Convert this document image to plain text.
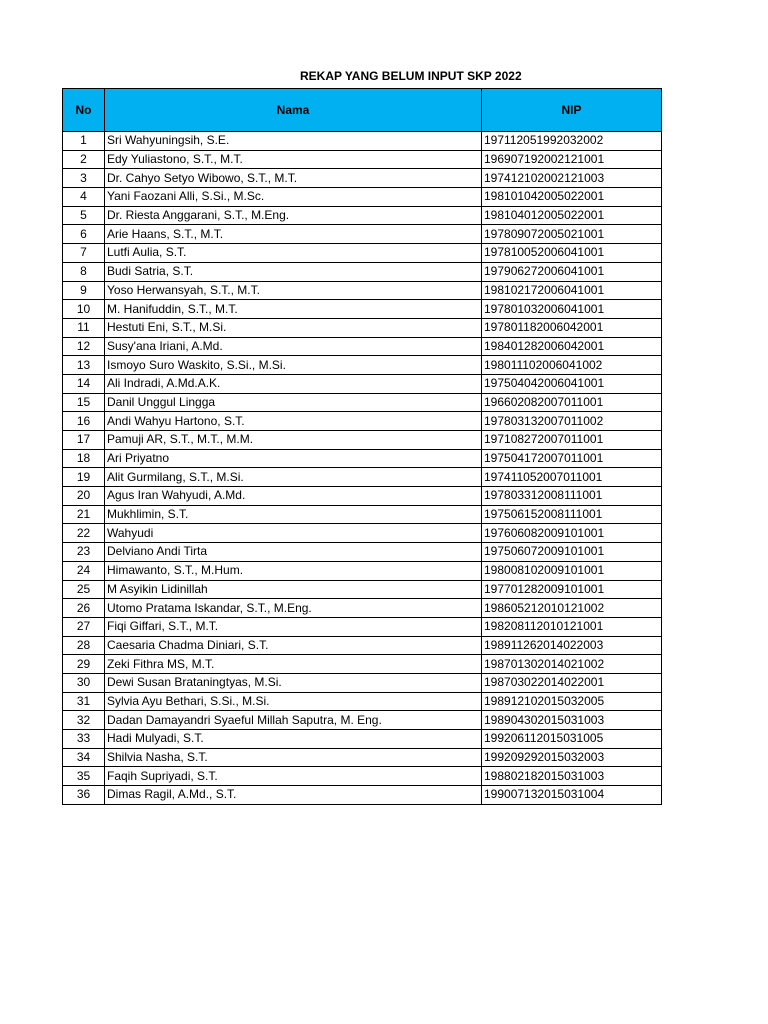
REKAP YANG BELUM INPUT SKP 2022
No	Nama	NIP
1	Sri Wahyuningsih, S.E.	197112051992032002
2	Edy Yuliastono, S.T., M.T.	196907192002121001
3	Dr. Cahyo Setyo Wibowo, S.T., M.T.	197412102002121003
4	Yani Faozani Alli, S.Si., M.Sc.	198101042005022001
5	Dr. Riesta Anggarani, S.T., M.Eng.	198104012005022001
6	Arie Haans, S.T., M.T.	197809072005021001
7	Lutfi Aulia, S.T.	197810052006041001
8	Budi Satria, S.T.	197906272006041001
9	Yoso Herwansyah, S.T., M.T.	198102172006041001
10	M. Hanifuddin, S.T., M.T.	197801032006041001
11	Hestuti Eni, S.T., M.Si.	197801182006042001
12	Susy'ana Iriani, A.Md.	198401282006042001
13	Ismoyo Suro Waskito, S.Si., M.Si.	198011102006041002
14	Ali Indradi, A.Md.A.K.	197504042006041001
15	Danil Unggul Lingga	196602082007011001
16	Andi Wahyu Hartono, S.T.	197803132007011002
17	Pamuji AR, S.T., M.T., M.M.	197108272007011001
18	Ari Priyatno	197504172007011001
19	Alit Gurmilang, S.T., M.Si.	197411052007011001
20	Agus Iran Wahyudi, A.Md.	197803312008111001
21	Mukhlimin, S.T.	197506152008111001
22	Wahyudi	197606082009101001
23	Delviano Andi Tirta	197506072009101001
24	Himawanto, S.T., M.Hum.	198008102009101001
25	M Asyikin Lidinillah	197701282009101001
26	Utomo Pratama Iskandar, S.T., M.Eng.	198605212010121002
27	Fiqi Giffari, S.T., M.T.	198208112010121001
28	Caesaria Chadma Diniari, S.T.	198911262014022003
29	Zeki Fithra MS, M.T.	198701302014021002
30	Dewi Susan Brataningtyas, M.Si.	198703022014022001
31	Sylvia Ayu Bethari, S.Si., M.Si.	198912102015032005
32	Dadan Damayandri Syaeful Millah Saputra, M. Eng.	198904302015031003
33	Hadi Mulyadi, S.T.	199206112015031005
34	Shilvia Nasha, S.T.	199209292015032003
35	Faqih Supriyadi, S.T.	198802182015031003
36	Dimas Ragil, A.Md., S.T.	199007132015031004
